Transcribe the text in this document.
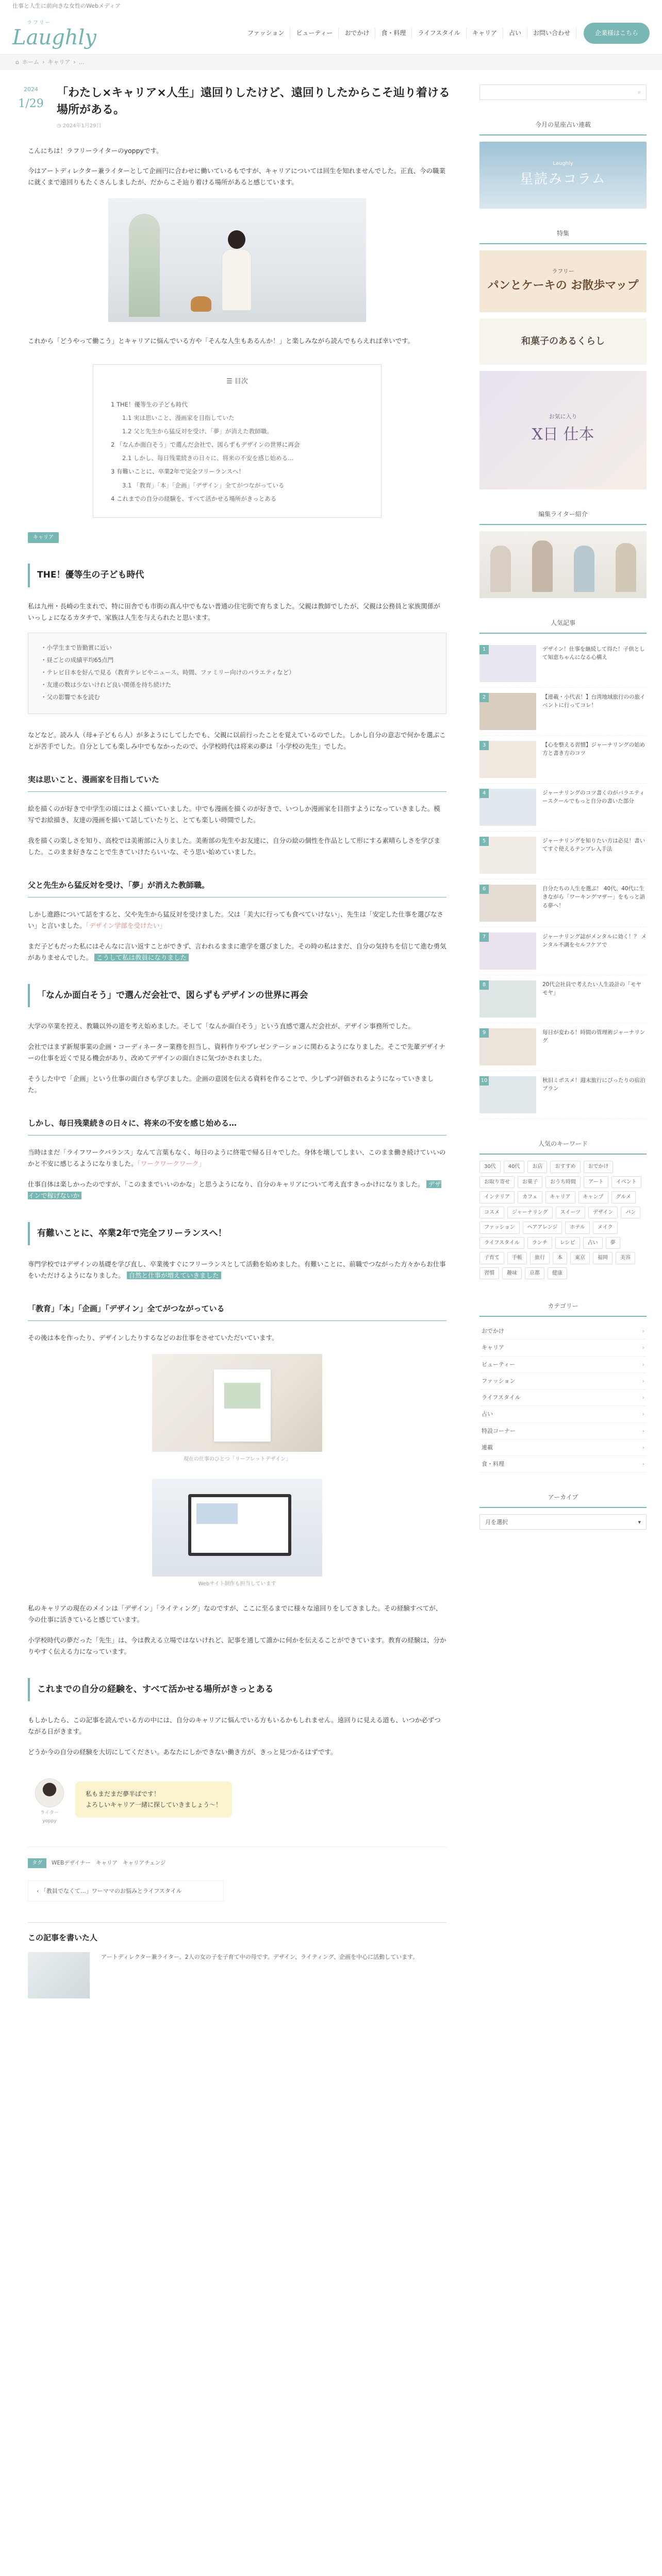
仕事と人生に前向きな女性のWebメディア
ラフリー
Laughly	ファッション	ビューティー	おでかけ	食・料理	ライフスタイル	キャリア	占い	お問い合わせ	企業様はこちら
⌂ ホーム › キャリア › …
2024
1/29
「わたし×キャリア×人生」遠回りしたけど、遠回りしたからこそ辿り着ける場所がある。
◷ 2024年1月29日

こんにちは！ラフリーライターのyoppyです。

今はアートディレクター兼ライターとして企画円に合わせに働いているもですが、キャリアについては回生を知れませんでした。正直、今の職業に就くまで遠回りもたくさんしましたが、だからこそ辿り着ける場所があると感じています。

これから「どうやって働こう」とキャリアに悩んでいる方や「そんな人生もあるんか！」と楽しみながら読んでもらえれば幸いです。

☰ 目次
1 THE！優等生の子ども時代
1.1 実は思いこと、漫画家を目指していた
1.2 父と先生から猛反対を受け、「夢」が消えた教師職。
2 「なんか面白そう」で選んだ会社で、図らずもデザインの世界に再会
2.1 しかし、毎日残業続きの日々に、将来の不安を感じ始める…
3 有難いことに、卒業2年で完全フリーランスへ！
3.1 「教育」「本」「企画」「デザイン」全てがつながっている
4 これまでの自分の経験を、すべて活かせる場所がきっとある
キャリア
THE！優等生の子ども時代

私は九州・長崎の生まれで、特に田舎でも市街の真ん中でもない普通の住宅街で育ちました。父親は教師でしたが、父親は公務員と家族関係がいっしょになるカタチで、家族は人生を与えられたと思います。

・小学生まで皆勤賞に近い
・昼ごとの成績平均65点門
・テレビ日本を好んで見る（教育テレビやニュース、時間、ファミリー向けのバラエティなど）
・友達の数は少ないけれど良い関係を持ち続けた
・父の影響で本を読む

などなど。読み人（母+子どもら人）が多ようにしてしたでも、父親に以前行ったことを覚えているのでした。しかし自分の意志で何かを選ぶことが苦手でした。自分としても楽しみ中でもなかったので、小学校時代は将来の夢は「小学校の先生」でした。

実は思いこと、漫画家を目指していた

絵を描くのが好きで中学生の頃にはよく描いていました。中でも漫画を描くのが好きで、いつしか漫画家を目指すようになっていきました。模写でお絵描き、友達の漫画を描いて話していたりと、とても楽しい時間でした。

我を描くの楽しさを知り、高校では美術部に入りました。美術部の先生やお友達に、自分の絵の個性を作品として形にする素晴らしさを学びました。このまま好きなことで生きていけたらいいな、そう思い始めていました。

父と先生から猛反対を受け、「夢」が消えた教師職。

しかし進路について話をすると、父や先生から猛反対を受けました。父は「美大に行っても食べていけない」、先生は「安定した仕事を選びなさい」と言いました。「デザイン学部を受けたい」

まだ子どもだった私にはそんなに言い返すことができず、言われるままに進学を選びました。その時の私はまだ、自分の気持ちを信じて進む勇気がありませんでした。 こうして私は教員になりました

「なんか面白そう」で選んだ会社で、図らずもデザインの世界に再会

大学の卒業を控え、教職以外の道を考え始めました。そして「なんか面白そう」という直感で選んだ会社が、デザイン事務所でした。

会社ではまず新規事業の企画・コーディネーター業務を担当し、資料作りやプレゼンテーションに関わるようになりました。そこで先輩デザイナーの仕事を近くで見る機会があり、改めてデザインの面白さに気づかされました。

そうした中で「企画」という仕事の面白さも学びました。企画の意図を伝える資料を作ることで、少しずつ評価されるようになっていきました。

しかし、毎日残業続きの日々に、将来の不安を感じ始める…

当時はまだ「ライフワークバランス」なんて言葉もなく、毎日のように終電で帰る日々でした。身体を壊してしまい、このまま働き続けていいのかと不安に感じるようになりました。「ワークワークワーク」

仕事自体は楽しかったのですが、「このままでいいのかな」と思うようになり、自分のキャリアについて考え直すきっかけになりました。 デザインで稼げないか

有難いことに、卒業2年で完全フリーランスへ！

専門学校ではデザインの基礎を学び直し、卒業後すぐにフリーランスとして活動を始めました。有難いことに、前職でつながった方々からお仕事をいただけるようになりました。 自然と仕事が増えていきました

「教育」「本」「企画」「デザイン」全てがつながっている

その後は本を作ったり、デザインしたりするなどのお仕事をさせていただいています。

現在の仕事のひとつ「リーフレットデザイン」
Webサイト制作も担当しています

私のキャリアの現在のメインは「デザイン」「ライティング」なのですが、ここに至るまでに様々な遠回りをしてきました。その経験すべてが、今の仕事に活きていると感じています。

小学校時代の夢だった「先生」は、今は教える立場ではないけれど、記事を通して誰かに何かを伝えることができています。教育の経験は、分かりやすく伝える力になっています。

これまでの自分の経験を、すべて活かせる場所がきっとある

もしかしたら、この記事を読んでいる方の中には、自分のキャリアに悩んでいる方もいるかもしれません。遠回りに見える道も、いつか必ずつながる日がきます。

どうか今の自分の経験を大切にしてください。あなたにしかできない働き方が、きっと見つかるはずです。

ライター yoppy
私もまだまだ夢半ばです！
よろしいキャリア一緒に探していきましょう〜！
タグ	WEBデザイナー キャリア キャリアチェンジ
‹ 「教員でなくて…」ワーママのお悩みとライフスタイル
この記事を書いた人
アートディレクター兼ライター。2人の女の子を子育て中の母です。デザイン、ライティング、企画を中心に活動しています。
⌕
今月の星座占い連載
Laughly
星読みコラム
特集
ラフリー
パンとケーキの お散歩マップ
和菓子のあるくらし
お気に入り
X日 仕本
編集ライター紹介
人気記事
1	デザイン！仕事を継続して得た！子供として知恵ちゃんになる心構え
2	【連載・小代表！】台湾地域旅行のの旅イベントに行ってコレ！
3	【心を整える習慣】ジャーナリングの始め方と書き方のコツ
4	ジャーナリングのコツ書くのがバラエティースクールでもっと自分の書いた部分
5	ジャーナリングを知りたい方は必見！書いてすぐ使えるテンプレ入手法
6	自分たちの人生を選ぶ！ 40代、40代に生きながら「ワーキングマザー」をもっと語る夢へ！
7	ジャーナリング誌がメンタルに効く！？ メンタル不調をセルフケアで
8	20代会社員で考えたい人生設計の「モヤモヤ」
9	毎日が変わる！時間の管理術ジャーナリング
10	秋旧ミポスメ！週末旅行にぴったりの宿泊プラン
人気のキーワード
30代	40代	お店	おすすめ	おでかけ
お取り寄せ	お菓子	おうち時間	アート	イベント
インテリア	カフェ	キャリア	キャンプ	グルメ
コスメ	ジャーナリング	スイーツ	デザイン	パン
ファッション	ヘアアレンジ	ホテル	メイク
ライフスタイル	ランチ	レシピ	占い	夢
子育て	手帳	旅行	本	東京	福岡	美容
習慣	趣味	京都	健康
カテゴリー
おでかけ	›
キャリア	›
ビューティー	›
ファッション	›
ライフスタイル	›
占い	›
特設コーナー	›
連載	›
食・料理	›
アーカイブ
月を選択	▾
